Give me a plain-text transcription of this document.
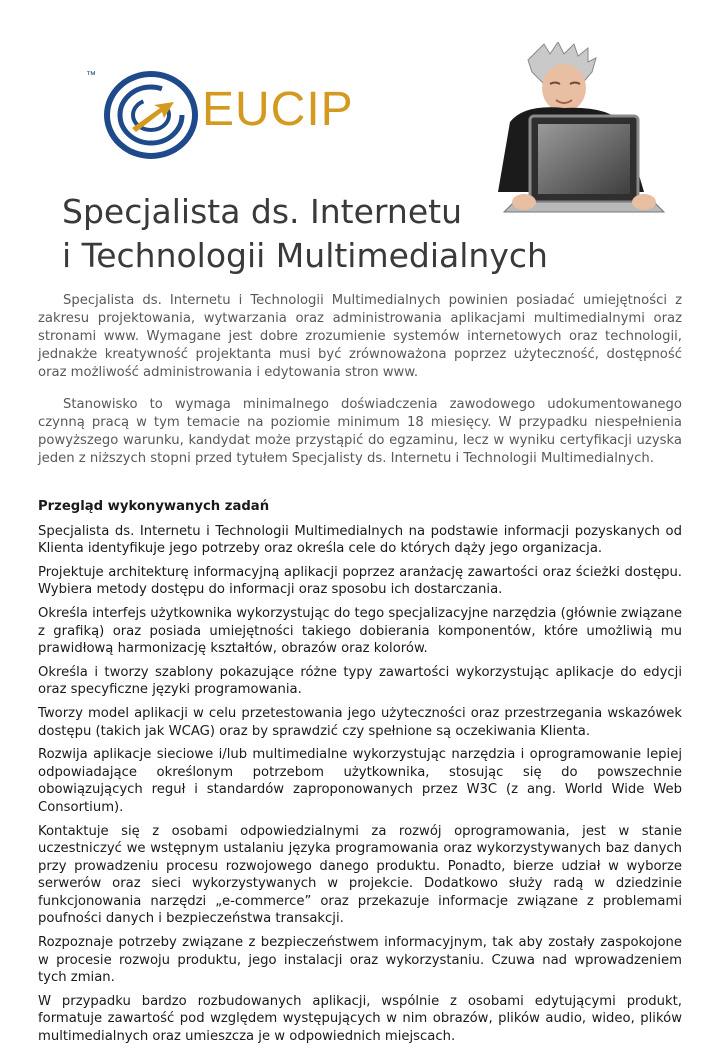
™
EUCIP
Specjalista ds. Internetu
i Technologii Multimedialnych

Specjalista ds. Internetu i Technologii Multimedialnych powinien posiadać umiejętności z zakresu projektowania, wytwarzania oraz administrowania aplikacjami multimedialnymi oraz stronami www. Wymagane jest dobre zrozumienie systemów internetowych oraz technologii, jednakże kreatywność projektanta musi być zrównoważona poprzez użyteczność, dostępność oraz możliwość administrowania i edytowania stron www.

Stanowisko to wymaga minimalnego doświadczenia zawodowego udokumentowanego czynną pracą w tym temacie na poziomie minimum 18 miesięcy. W przypadku niespełnienia powyższego warunku, kandydat może przystąpić do egzaminu, lecz w wyniku certyfikacji uzyska jeden z niższych stopni przed tytułem Specjalisty ds. Internetu i Technologii Multimedialnych.

Przegląd wykonywanych zadań

Specjalista ds. Internetu i Technologii Multimedialnych na podstawie informacji pozyskanych od Klienta identyfikuje jego potrzeby oraz określa cele do których dąży jego organizacja.

Projektuje architekturę informacyjną aplikacji poprzez aranżację zawartości oraz ścieżki dostępu. Wybiera metody dostępu do informacji oraz sposobu ich dostarczania.

Określa interfejs użytkownika wykorzystując do tego specjalizacyjne narzędzia (głównie związane z grafiką) oraz posiada umiejętności takiego dobierania komponentów, które umożliwią mu prawidłową harmonizację kształtów, obrazów oraz kolorów.

Określa i tworzy szablony pokazujące różne typy zawartości wykorzystując aplikacje do edycji oraz specyficzne języki programowania.

Tworzy model aplikacji w celu przetestowania jego użyteczności oraz przestrzegania wskazówek dostępu (takich jak WCAG) oraz by sprawdzić czy spełnione są oczekiwania Klienta.

Rozwija aplikacje sieciowe i/lub multimedialne wykorzystując narzędzia i oprogramowanie lepiej odpowiadające określonym potrzebom użytkownika, stosując się do powszechnie obowiązujących reguł i standardów zaproponowanych przez W3C (z ang. World Wide Web Consortium).

Kontaktuje się z osobami odpowiedzialnymi za rozwój oprogramowania, jest w stanie uczestniczyć we wstępnym ustalaniu języka programowania oraz wykorzystywanych baz danych przy prowadzeniu procesu rozwojowego danego produktu. Ponadto, bierze udział w wyborze serwerów oraz sieci wykorzystywanych w projekcie. Dodatkowo służy radą w dziedzinie funkcjonowania narzędzi „e-commerce” oraz przekazuje informacje związane z problemami poufności danych i bezpieczeństwa transakcji.

Rozpoznaje potrzeby związane z bezpieczeństwem informacyjnym, tak aby zostały zaspokojone w procesie rozwoju produktu, jego instalacji oraz wykorzystaniu. Czuwa nad wprowadzeniem tych zmian.

W przypadku bardzo rozbudowanych aplikacji, wspólnie z osobami edytującymi produkt, formatuje zawartość pod względem występujących w nim obrazów, plików audio, wideo, plików multimedialnych oraz umieszcza je w odpowiednich miejscach.
